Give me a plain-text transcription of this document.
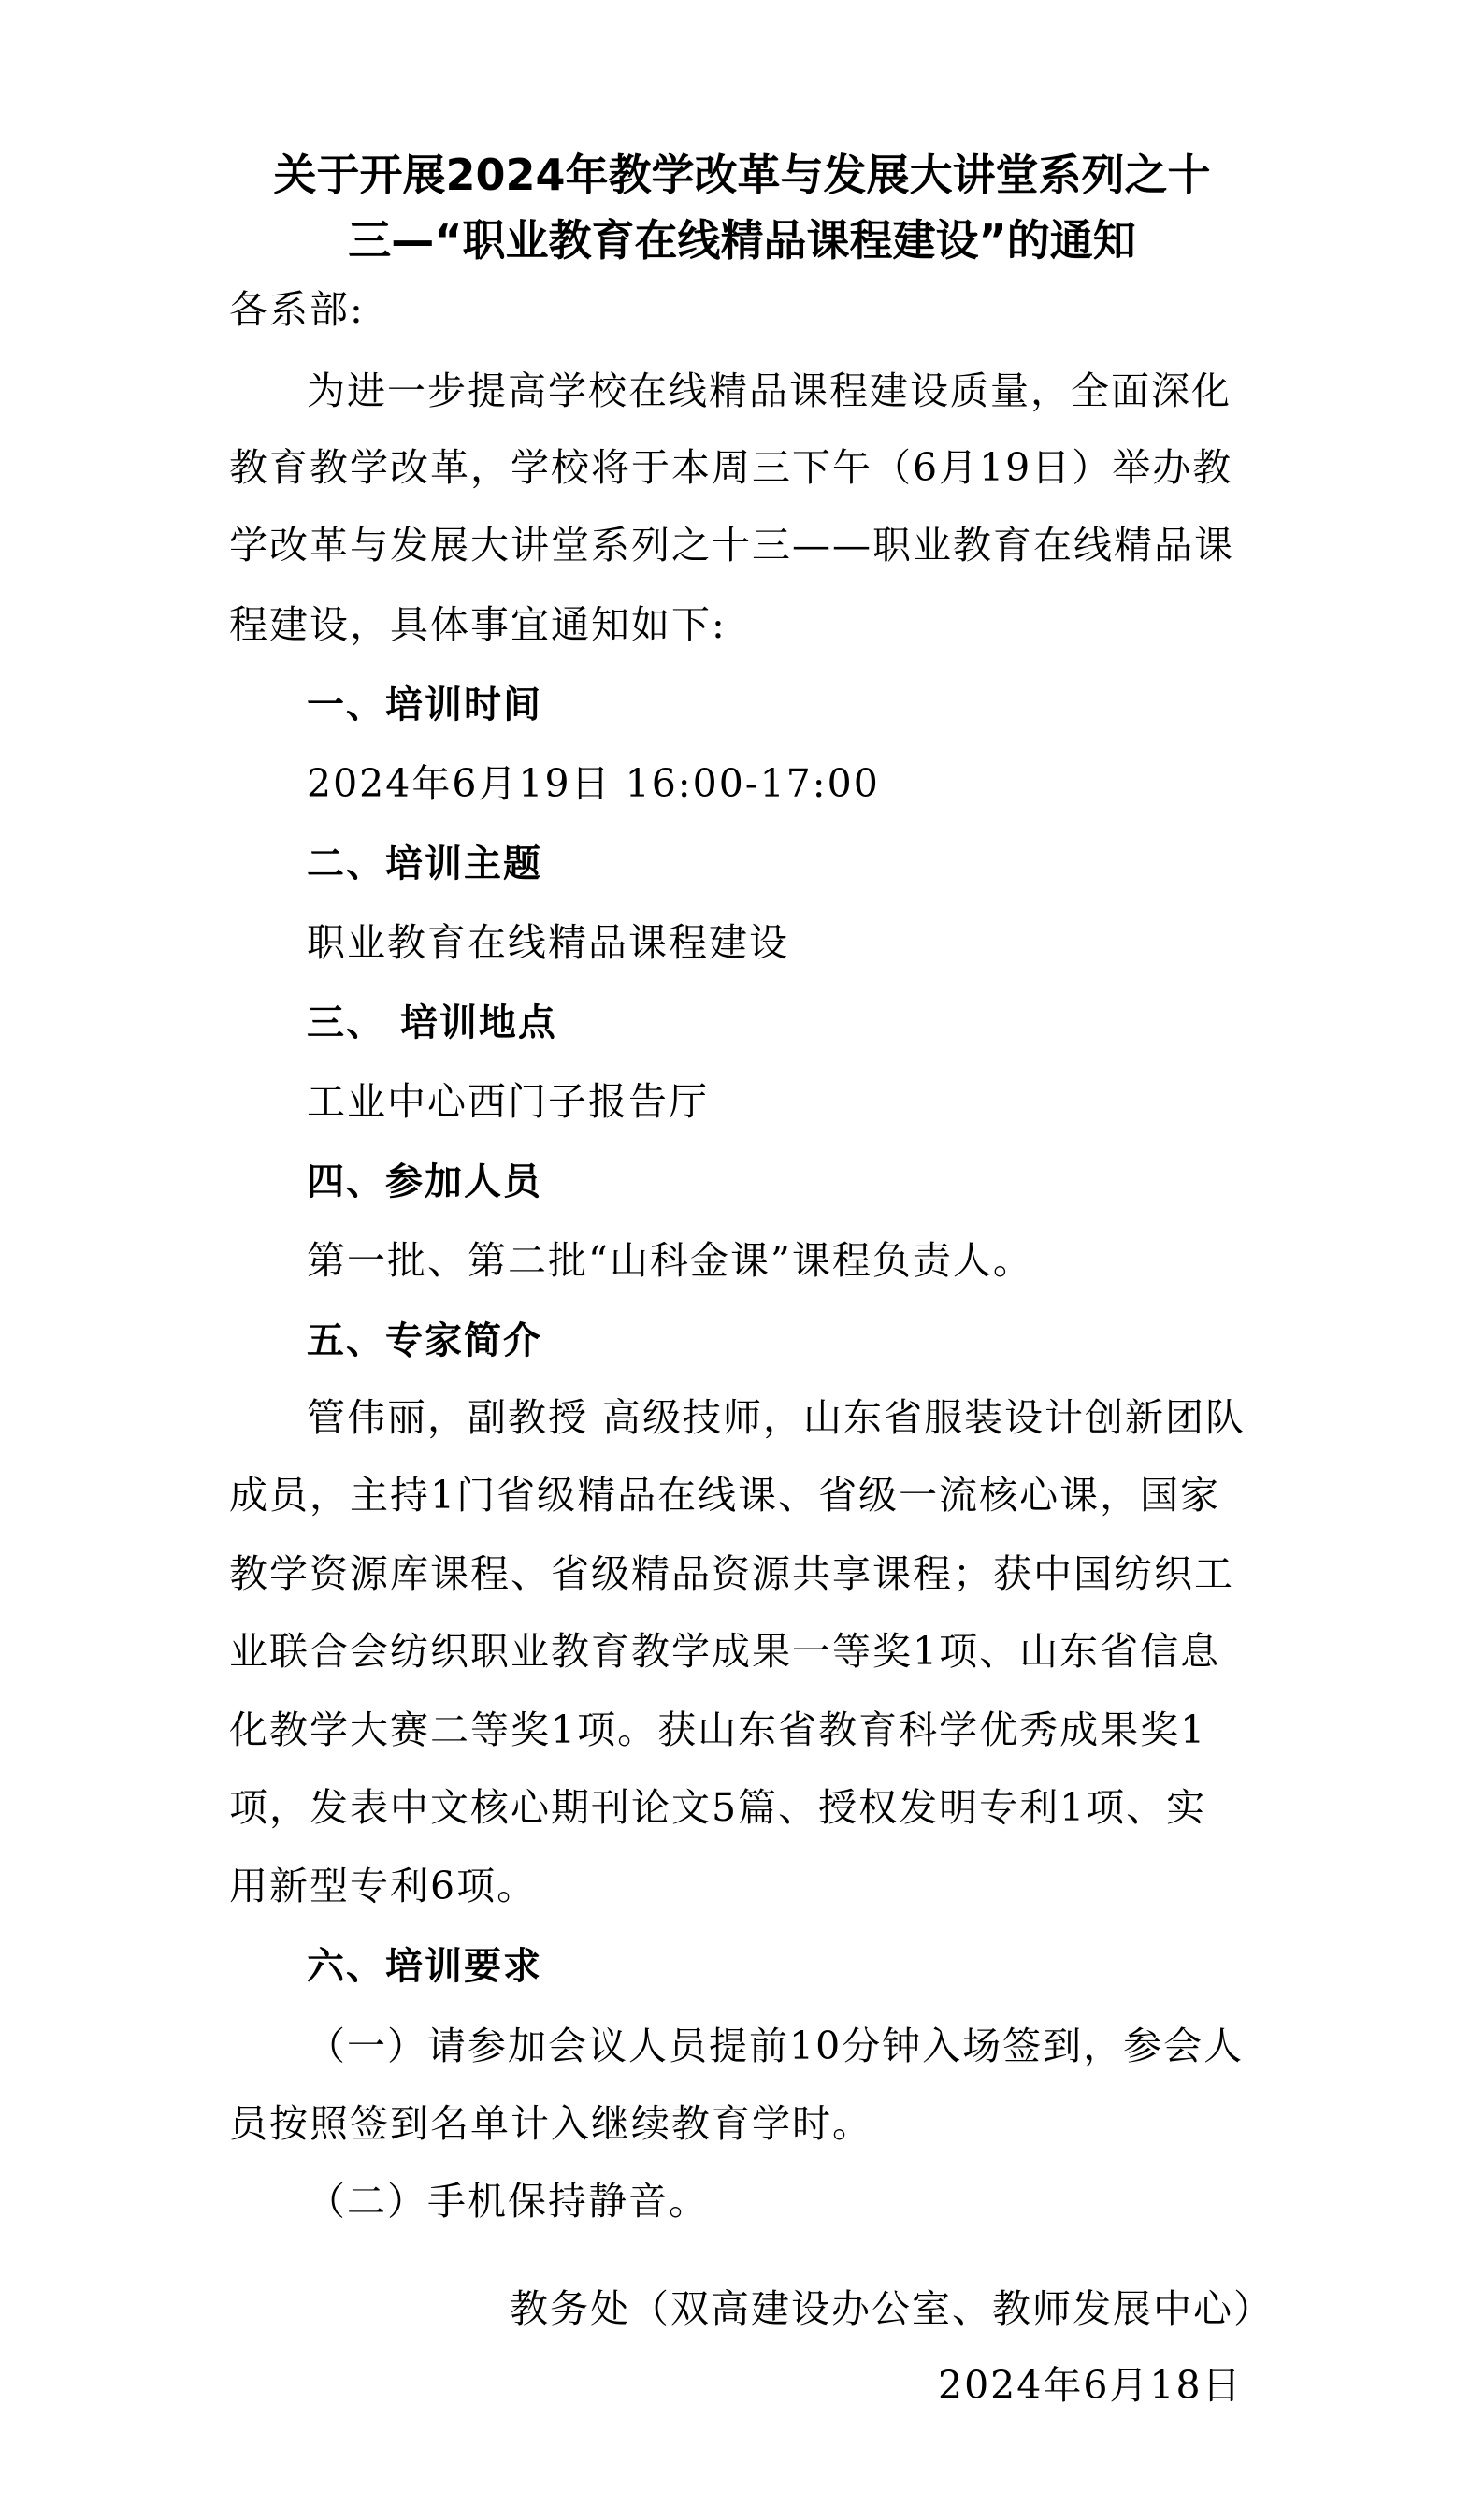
关于开展2024年教学改革与发展大讲堂系列之十
三—“职业教育在线精品课程建设”的通知
各系部:
为进一步提高学校在线精品课程建设质量，全面深化
教育教学改革，学校将于本周三下午（6月19日）举办教
学改革与发展大讲堂系列之十三——职业教育在线精品课
程建设，具体事宜通知如下:
一、培训时间
2024年6月19日 16:00-17:00
二、培训主题
职业教育在线精品课程建设
三、 培训地点
工业中心西门子报告厅
四、参加人员
第一批、第二批“山科金课”课程负责人。
五、专家简介
管伟丽，副教授 高级技师，山东省服装设计创新团队
成员，主持1门省级精品在线课、省级一流核心课，国家
教学资源库课程、省级精品资源共享课程；获中国纺织工
业联合会纺织职业教育教学成果一等奖1项、山东省信息
化教学大赛二等奖1项。获山东省教育科学优秀成果奖1
项，发表中文核心期刊论文5篇、授权发明专利1项、实
用新型专利6项。
六、培训要求
（一）请参加会议人员提前10分钟入场签到，参会人
员按照签到名单计入继续教育学时。
（二）手机保持静音。
教务处（双高建设办公室、教师发展中心）
2024年6月18日
